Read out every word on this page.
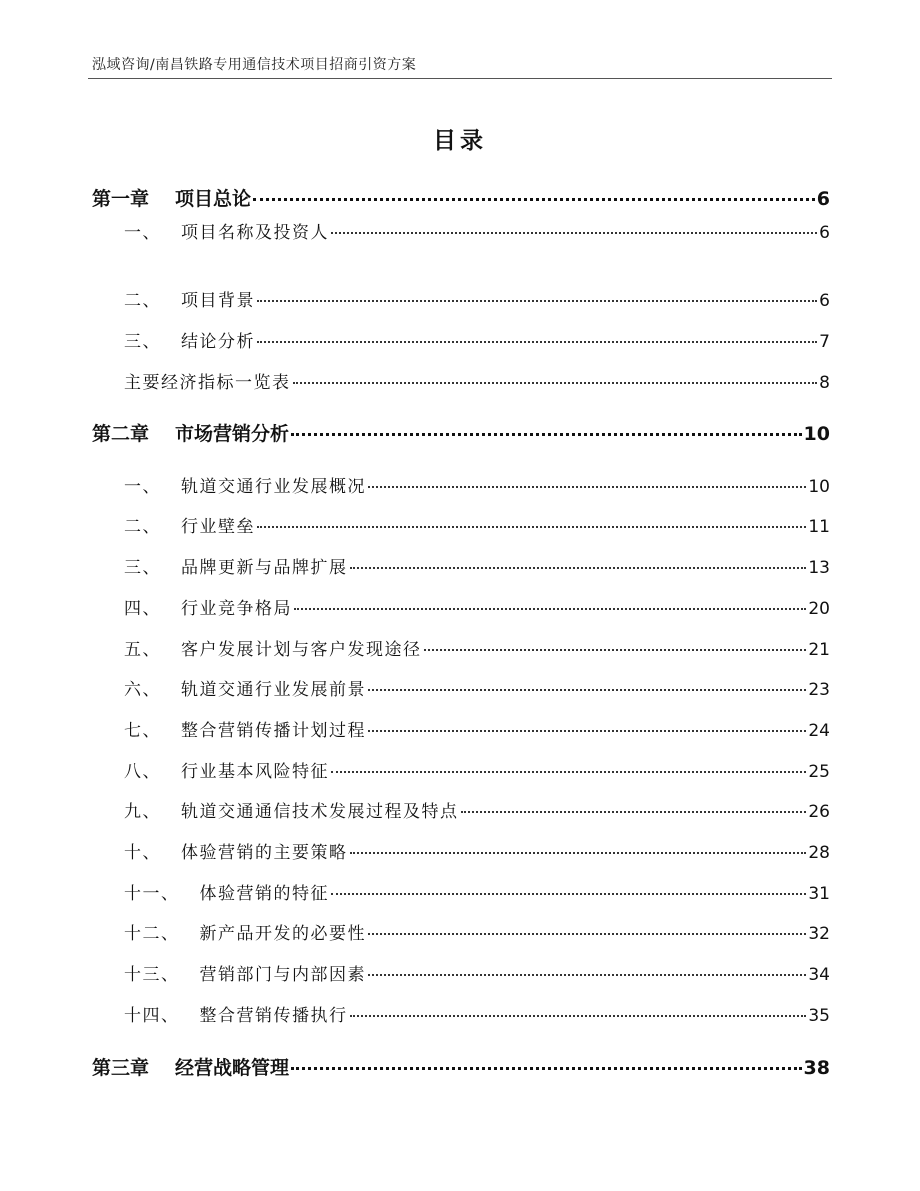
泓域咨询/南昌铁路专用通信技术项目招商引资方案
目录
第一章 项目总论	6
一、 项目名称及投资人	6
二、 项目背景	6
三、 结论分析	7
主要经济指标一览表	8
第二章 市场营销分析	10
一、 轨道交通行业发展概况	10
二、 行业壁垒	11
三、 品牌更新与品牌扩展	13
四、 行业竞争格局	20
五、 客户发展计划与客户发现途径	21
六、 轨道交通行业发展前景	23
七、 整合营销传播计划过程	24
八、 行业基本风险特征	25
九、 轨道交通通信技术发展过程及特点	26
十、 体验营销的主要策略	28
十一、 体验营销的特征	31
十二、 新产品开发的必要性	32
十三、 营销部门与内部因素	34
十四、 整合营销传播执行	35
第三章 经营战略管理	38
